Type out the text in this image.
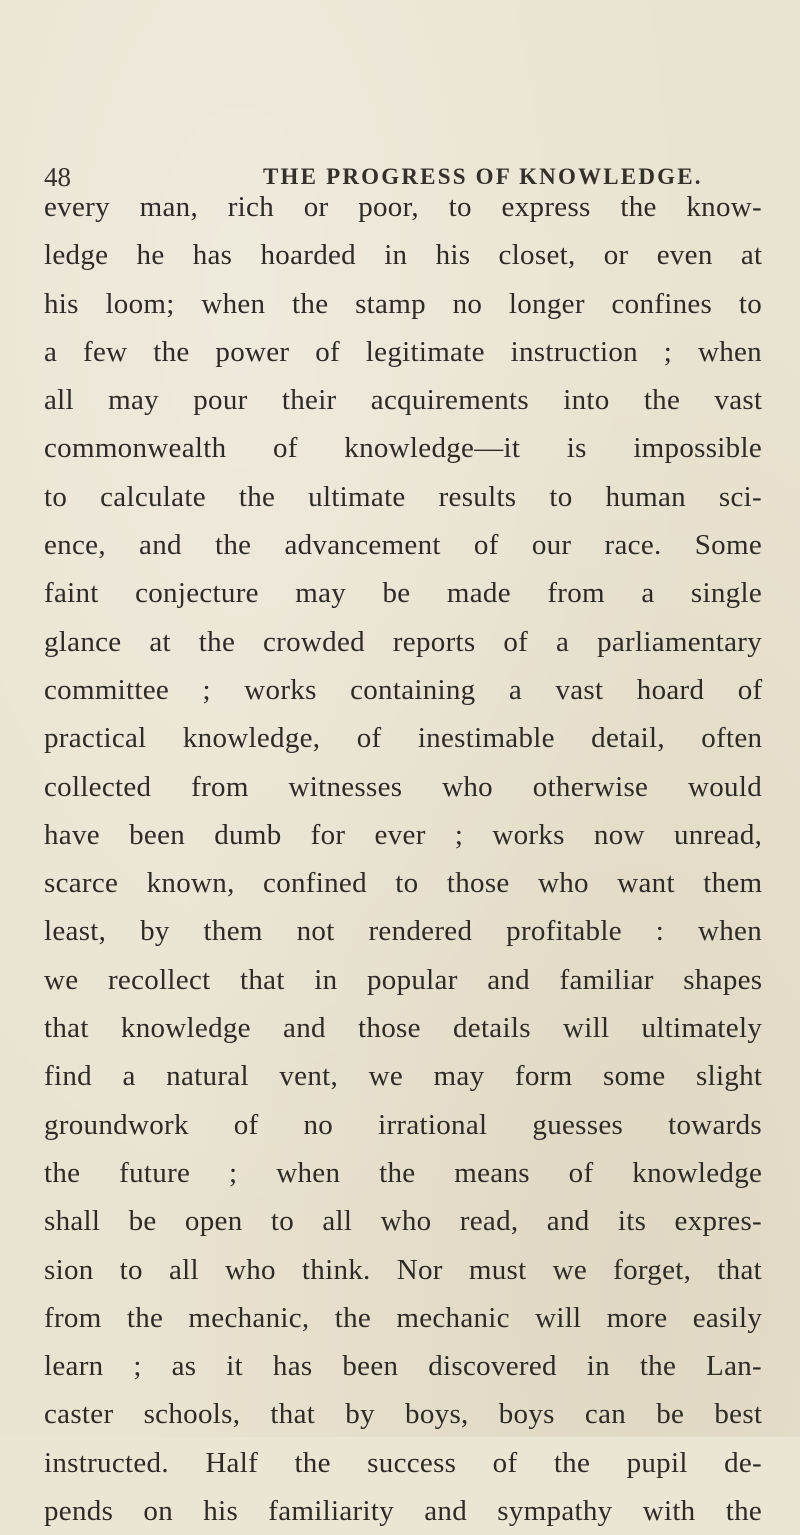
48	THE PROGRESS OF KNOWLEDGE.
every man, rich or poor, to express the know-
ledge he has hoarded in his closet, or even at
his loom; when the stamp no longer confines to
a few the power of legitimate instruction ; when
all may pour their acquirements into the vast
commonwealth of knowledge—it is impossible
to calculate the ultimate results to human sci-
ence, and the advancement of our race. Some
faint conjecture may be made from a single
glance at the crowded reports of a parliamentary
committee ; works containing a vast hoard of
practical knowledge, of inestimable detail, often
collected from witnesses who otherwise would
have been dumb for ever ; works now unread,
scarce known, confined to those who want them
least, by them not rendered profitable : when
we recollect that in popular and familiar shapes
that knowledge and those details will ultimately
find a natural vent, we may form some slight
groundwork of no irrational guesses towards
the future ; when the means of knowledge
shall be open to all who read, and its expres-
sion to all who think. Nor must we forget, that
from the mechanic, the mechanic will more easily
learn ; as it has been discovered in the Lan-
caster schools, that by boys, boys can be best
instructed. Half the success of the pupil de-
pends on his familiarity and sympathy with the
